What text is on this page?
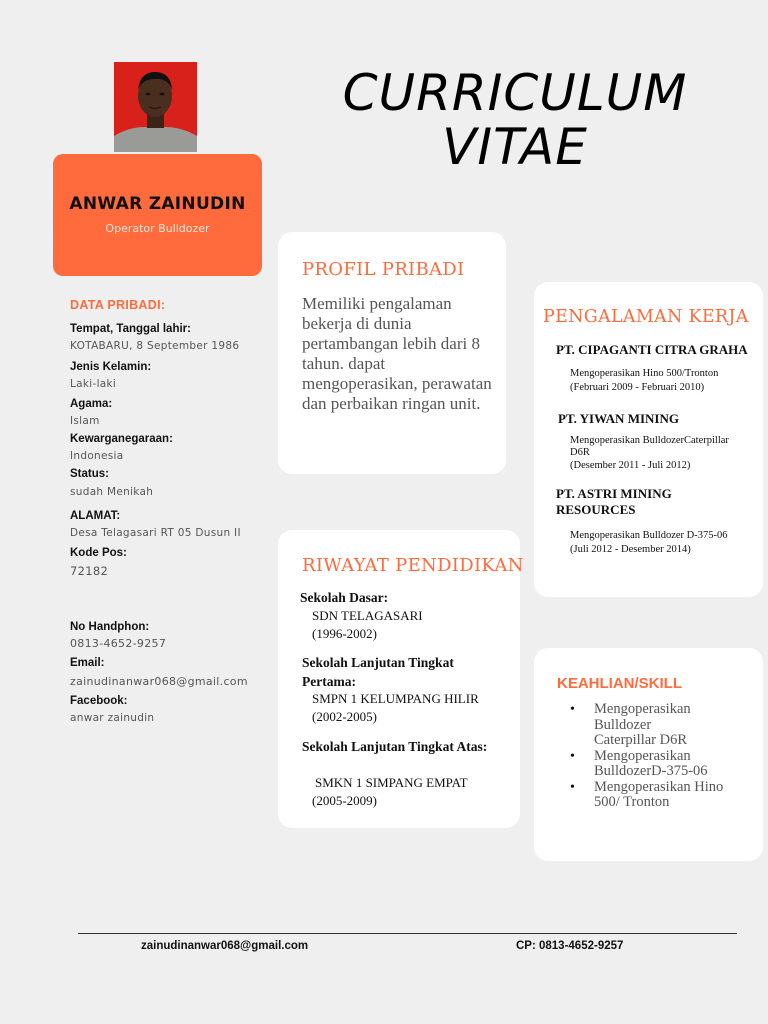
CURRICULUM
VITAE
ANWAR ZAINUDIN
Operator Bulldozer
DATA PRIBADI:
Tempat, Tanggal lahir:
KOTABARU, 8 September 1986
Jenis Kelamin:
Laki-laki
Agama:
Islam
Kewarganegaraan:
Indonesia
Status:
sudah Menikah
ALAMAT:
Desa Telagasari RT 05 Dusun II
Kode Pos:
72182
No Handphon:
0813-4652-9257
Email:
zainudinanwar068@gmail.com
Facebook:
anwar zainudin
PROFIL PRIBADI
Memiliki pengalaman bekerja di dunia pertambangan lebih dari 8 tahun. dapat mengoperasikan, perawatan dan perbaikan ringan unit.
RIWAYAT PENDIDIKAN
Sekolah Dasar:
SDN TELAGASARI
(1996-2002)
Sekolah Lanjutan Tingkat Pertama:
SMPN 1 KELUMPANG HILIR
(2002-2005)
Sekolah Lanjutan Tingkat Atas:
SMKN 1 SIMPANG EMPAT
(2005-2009)
PENGALAMAN KERJA
PT. CIPAGANTI CITRA GRAHA
Mengoperasikan Hino 500/Tronton
(Februari 2009 - Februari 2010)
PT. YIWAN MINING
Mengoperasikan BulldozerCaterpillar D6R
(Desember 2011 - Juli 2012)
PT. ASTRI MINING RESOURCES
Mengoperasikan Bulldozer D-375-06
(Juli 2012 - Desember 2014)
KEAHLIAN/SKILL
• Mengoperasikan Bulldozer Caterpillar D6R
• Mengoperasikan BulldozerD-375-06
• Mengoperasikan Hino 500/ Tronton
zainudinanwar068@gmail.com	CP: 0813-4652-9257
